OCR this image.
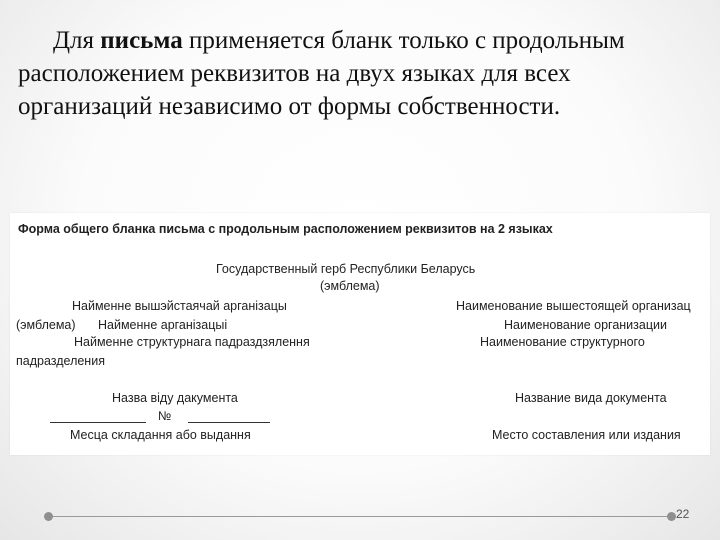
Для письма применяется бланк только с продольным
расположением реквизитов на двух языках для всех
организаций независимо от формы собственности.

Форма общего бланка письма с продольным расположением реквизитов на 2 языках
Государственный герб Республики Беларусь
(эмблема)
Найменне вышэйстаячай арганізацы	Наименование вышестоящей организац
(эмблема) Найменне арганізацыі	Наименование организации
Найменне структурнага падраздзялення	Наименование структурного
падразделения
Назва віду дакумента	Название вида документа
№
Месца складання або выдання	Место составления или издания
22
